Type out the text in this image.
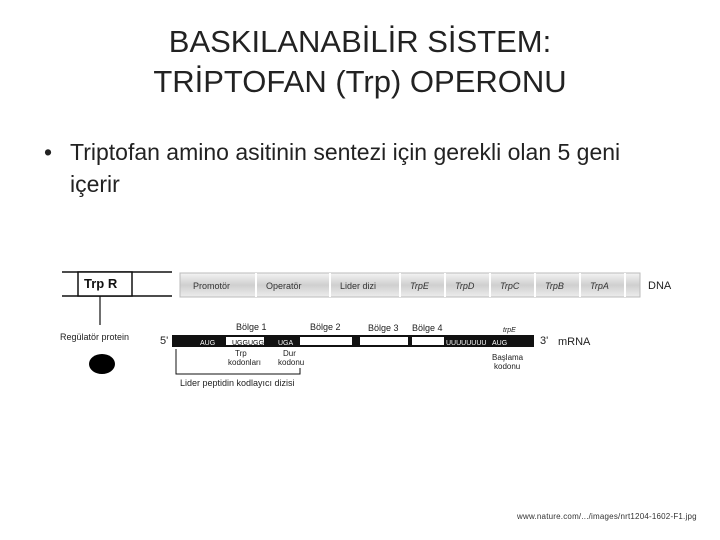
BASKILANABİLİR SİSTEM:
TRİPTOFAN (Trp) OPERONU
• Triptofan amino asitinin sentezi için gerekli olan 5 geni içerir
Trp R
Regülatör protein
Promotör	Operatör	Lider dizi	TrpE	TrpD	TrpC	TrpB	TrpA	DNA
Bölge 1	Bölge 2	Bölge 3 Bölge 4	trpE
5'	AUG UGGUGG UGA	UUUUUUUU AUG	3' mRNA
Trp
kodonları
Dur
kodonu
Başlama
kodonu
Lider peptidin kodlayıcı dizisi
www.nature.com/.../images/nrt1204-1602-F1.jpg
